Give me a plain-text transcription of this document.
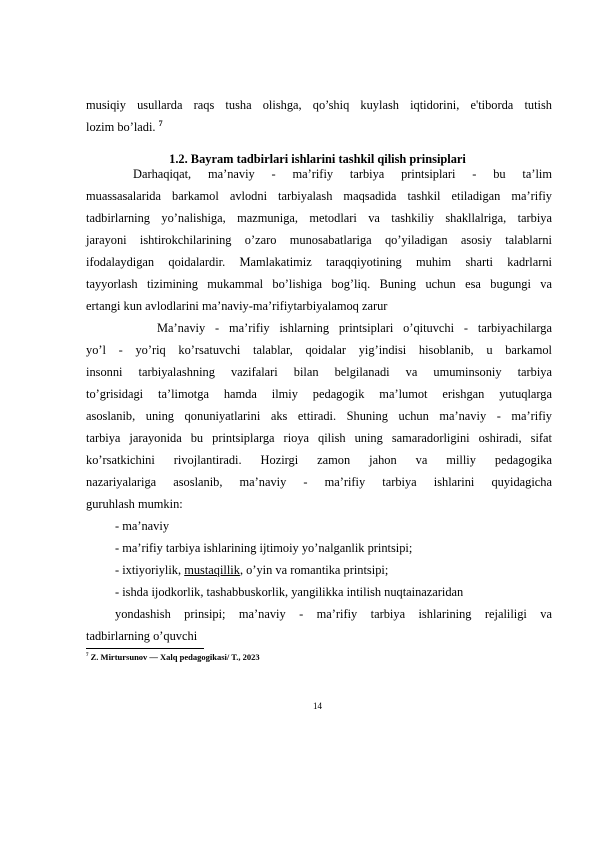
musiqiy usullarda raqs tusha olishga, qo’shiq kuylash iqtidorini, e'tiborda tutish
lozim bo’ladi. $^7$
1.2. Bayram tadbirlari ishlarini tashkil qilish prinsiplari
Darhaqiqat, ma’naviy - ma’rifiy tarbiya printsiplari - bu ta’lim
muassasalarida barkamol avlodni tarbiyalash maqsadida tashkil etiladigan ma’rifiy
tadbirlarning yo’nalishiga, mazmuniga, metodlari va tashkiliy shakllalriga, tarbiya
jarayoni ishtirokchilarining o’zaro munosabatlariga qo’yiladigan asosiy talablarni
ifodalaydigan qoidalardir. Mamlakatimiz taraqqiyotining muhim sharti kadrlarni
tayyorlash tizimining mukammal bo’lishiga bog’liq. Buning uchun esa bugungi va
ertangi kun avlodlarini ma’naviy-ma’rifiytarbiyalamoq zarur
Ma’naviy - ma’rifiy ishlarning printsiplari o’qituvchi - tarbiyachilarga
yo’l - yo’riq ko’rsatuvchi talablar, qoidalar yig’indisi hisoblanib, u barkamol
insonni tarbiyalashning vazifalari bilan belgilanadi va umuminsoniy tarbiya
to’grisidagi ta’limotga hamda ilmiy pedagogik ma’lumot erishgan yutuqlarga
asoslanib, uning qonuniyatlarini aks ettiradi. Shuning uchun ma’naviy - ma’rifiy
tarbiya jarayonida bu printsiplarga rioya qilish uning samaradorligini oshiradi, sifat
ko’rsatkichini rivojlantiradi. Hozirgi zamon jahon va milliy pedagogika
nazariyalariga asoslanib, ma’naviy - ma’rifiy tarbiya ishlarini quyidagicha
guruhlash mumkin:
- ma’naviy
- ma’rifiy tarbiya ishlarining ijtimoiy yo’nalganlik printsipi;
- ixtiyoriylik, mustaqillik, o’yin va romantika printsipi;
- ishda ijodkorlik, tashabbuskorlik, yangilikka intilish nuqtainazaridan
yondashish prinsipi; ma’naviy - ma’rifiy tarbiya ishlarining rejaliligi va
tadbirlarning o’quvchi
$^7$ Z. Mirtursunov — Xalq pedagogikasi/ T., 2023
14
